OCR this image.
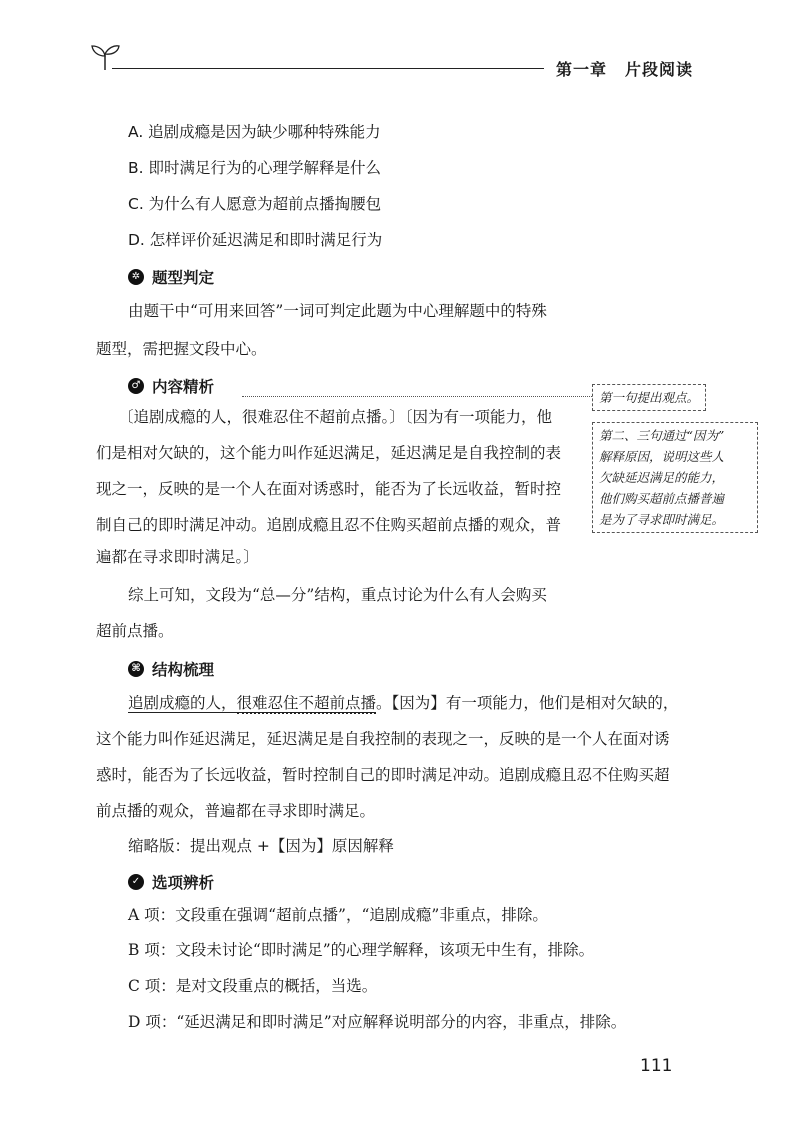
第一章 片段阅读
A. 追剧成瘾是因为缺少哪种特殊能力
B. 即时满足行为的心理学解释是什么
C. 为什么有人愿意为超前点播掏腰包
D. 怎样评价延迟满足和即时满足行为
✲ 题型判定
由题干中“可用来回答”一词可判定此题为中心理解题中的特殊
题型，需把握文段中心。
♂ 内容精析
〔追剧成瘾的人，很难忍住不超前点播。〕〔因为有一项能力，他
们是相对欠缺的，这个能力叫作延迟满足，延迟满足是自我控制的表
现之一，反映的是一个人在面对诱惑时，能否为了长远收益，暂时控
制自己的即时满足冲动。追剧成瘾且忍不住购买超前点播的观众，普
遍都在寻求即时满足。〕
第一句提出观点。
第二、三句通过“因为”
解释原因，说明这些人
欠缺延迟满足的能力，
他们购买超前点播普遍
是为了寻求即时满足。
综上可知，文段为“总—分”结构，重点讨论为什么有人会购买
超前点播。
⌘ 结构梳理
追剧成瘾的人，很难忍住不超前点播。【因为】有一项能力，他们是相对欠缺的，
这个能力叫作延迟满足，延迟满足是自我控制的表现之一，反映的是一个人在面对诱
惑时，能否为了长远收益，暂时控制自己的即时满足冲动。追剧成瘾且忍不住购买超
前点播的观众，普遍都在寻求即时满足。
缩略版：提出观点 +【因为】原因解释
✓ 选项辨析
A 项：文段重在强调“超前点播”，“追剧成瘾”非重点，排除。
B 项：文段未讨论“即时满足”的心理学解释，该项无中生有，排除。
C 项：是对文段重点的概括，当选。
D 项：“延迟满足和即时满足”对应解释说明部分的内容，非重点，排除。
111
